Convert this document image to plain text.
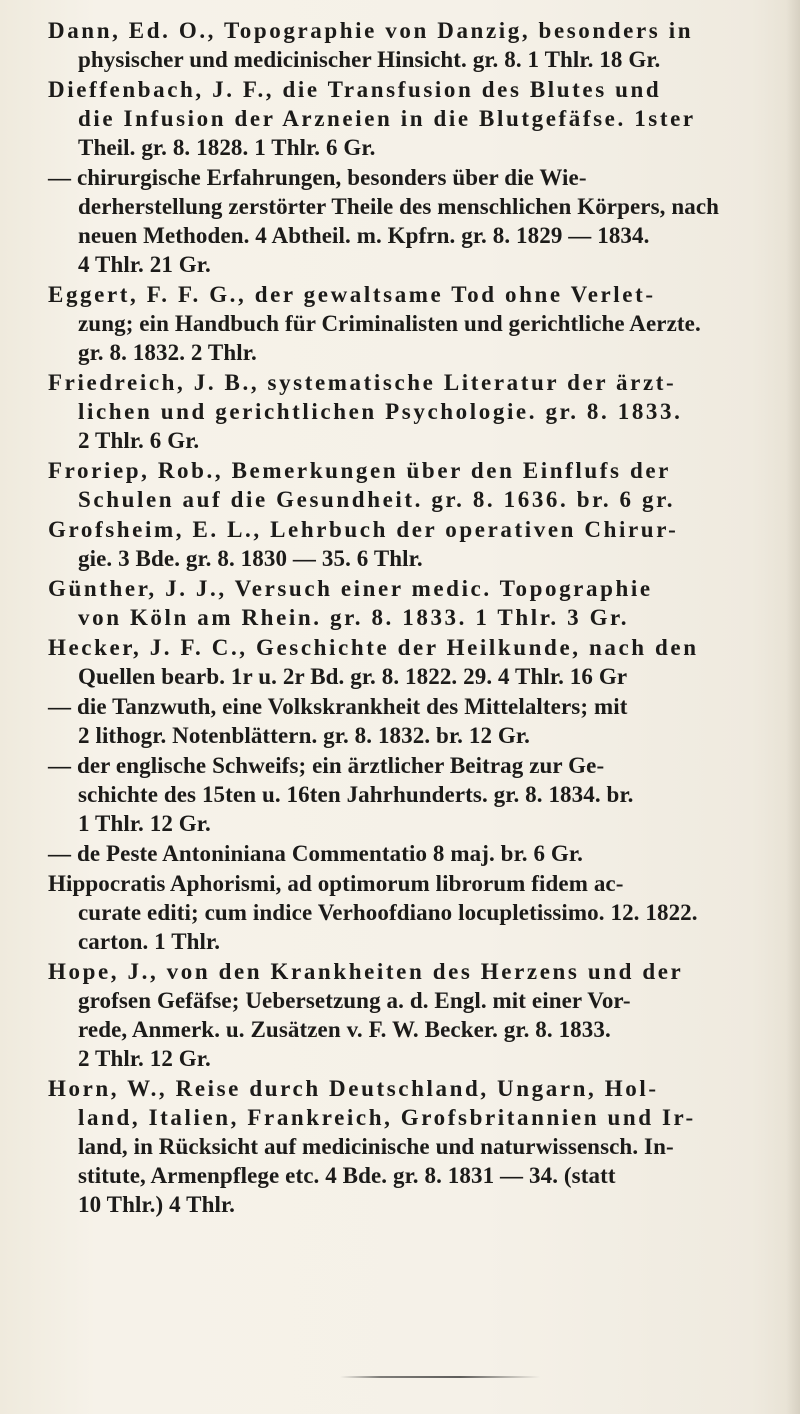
Dann, Ed. O., Topographie von Danzig, besonders in
physischer und medicinischer Hinsicht. gr. 8. 1 Thlr. 18 Gr.
Dieffenbach, J. F., die Transfusion des Blutes und
die Infusion der Arzneien in die Blutgefäfse. 1ster
Theil. gr. 8. 1828. 1 Thlr. 6 Gr.
— chirurgische Erfahrungen, besonders über die Wie-
derherstellung zerstörter Theile des menschlichen Körpers, nach
neuen Methoden. 4 Abtheil. m. Kpfrn. gr. 8. 1829 — 1834.
4 Thlr. 21 Gr.
Eggert, F. F. G., der gewaltsame Tod ohne Verlet-
zung; ein Handbuch für Criminalisten und gerichtliche Aerzte.
gr. 8. 1832. 2 Thlr.
Friedreich, J. B., systematische Literatur der ärzt-
lichen und gerichtlichen Psychologie. gr. 8. 1833.
2 Thlr. 6 Gr.
Froriep, Rob., Bemerkungen über den Einflufs der
Schulen auf die Gesundheit. gr. 8. 1636. br. 6 gr.
Grofsheim, E. L., Lehrbuch der operativen Chirur-
gie. 3 Bde. gr. 8. 1830 — 35. 6 Thlr.
Günther, J. J., Versuch einer medic. Topographie
von Köln am Rhein. gr. 8. 1833. 1 Thlr. 3 Gr.
Hecker, J. F. C., Geschichte der Heilkunde, nach den
Quellen bearb. 1r u. 2r Bd. gr. 8. 1822. 29. 4 Thlr. 16 Gr
— die Tanzwuth, eine Volkskrankheit des Mittelalters; mit
2 lithogr. Notenblättern. gr. 8. 1832. br. 12 Gr.
— der englische Schweifs; ein ärztlicher Beitrag zur Ge-
schichte des 15ten u. 16ten Jahrhunderts. gr. 8. 1834. br.
1 Thlr. 12 Gr.
— de Peste Antoniniana Commentatio 8 maj. br. 6 Gr.
Hippocratis Aphorismi, ad optimorum librorum fidem ac-
curate editi; cum indice Verhoofdiano locupletissimo. 12. 1822.
carton. 1 Thlr.
Hope, J., von den Krankheiten des Herzens und der
grofsen Gefäfse; Uebersetzung a. d. Engl. mit einer Vor-
rede, Anmerk. u. Zusätzen v. F. W. Becker. gr. 8. 1833.
2 Thlr. 12 Gr.
Horn, W., Reise durch Deutschland, Ungarn, Hol-
land, Italien, Frankreich, Grofsbritannien und Ir-
land, in Rücksicht auf medicinische und naturwissensch. In-
stitute, Armenpflege etc. 4 Bde. gr. 8. 1831 — 34. (statt
10 Thlr.) 4 Thlr.
